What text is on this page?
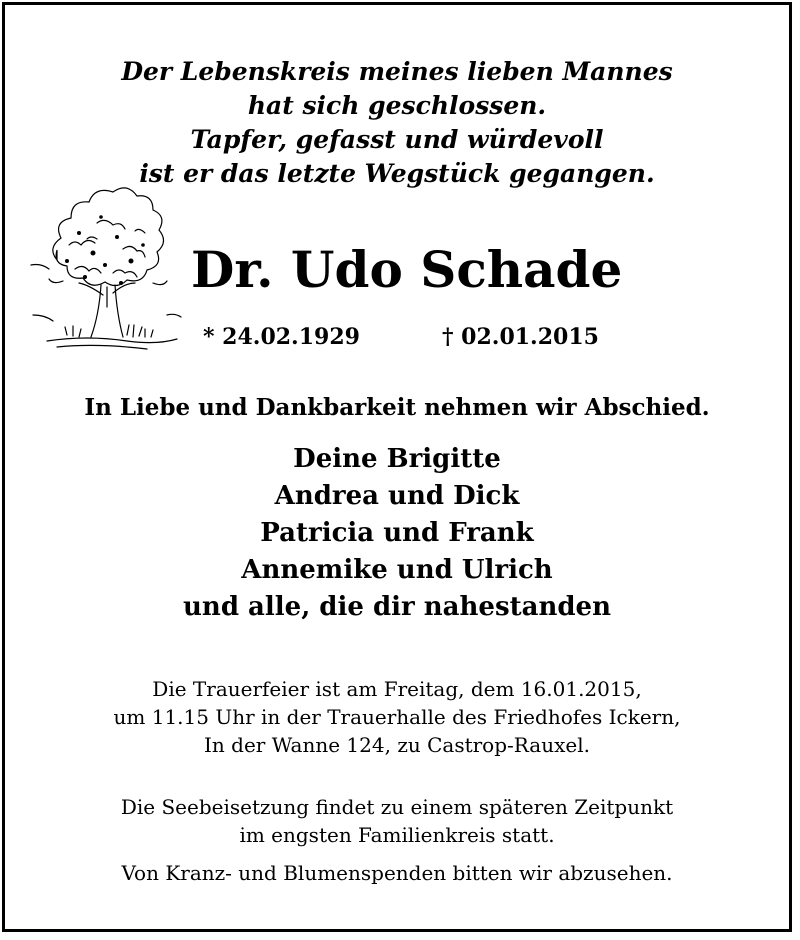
Der Lebenskreis meines lieben Mannes
hat sich geschlossen.
Tapfer, gefasst und würdevoll
ist er das letzte Wegstück gegangen.
Dr. Udo Schade
* 24.02.1929	† 02.01.2015
In Liebe und Dankbarkeit nehmen wir Abschied.
Deine Brigitte
Andrea und Dick
Patricia und Frank
Annemike und Ulrich
und alle, die dir nahestanden
Die Trauerfeier ist am Freitag, dem 16.01.2015,
um 11.15 Uhr in der Trauerhalle des Friedhofes Ickern,
In der Wanne 124, zu Castrop-Rauxel.
Die Seebeisetzung findet zu einem späteren Zeitpunkt
im engsten Familienkreis statt.
Von Kranz- und Blumenspenden bitten wir abzusehen.
